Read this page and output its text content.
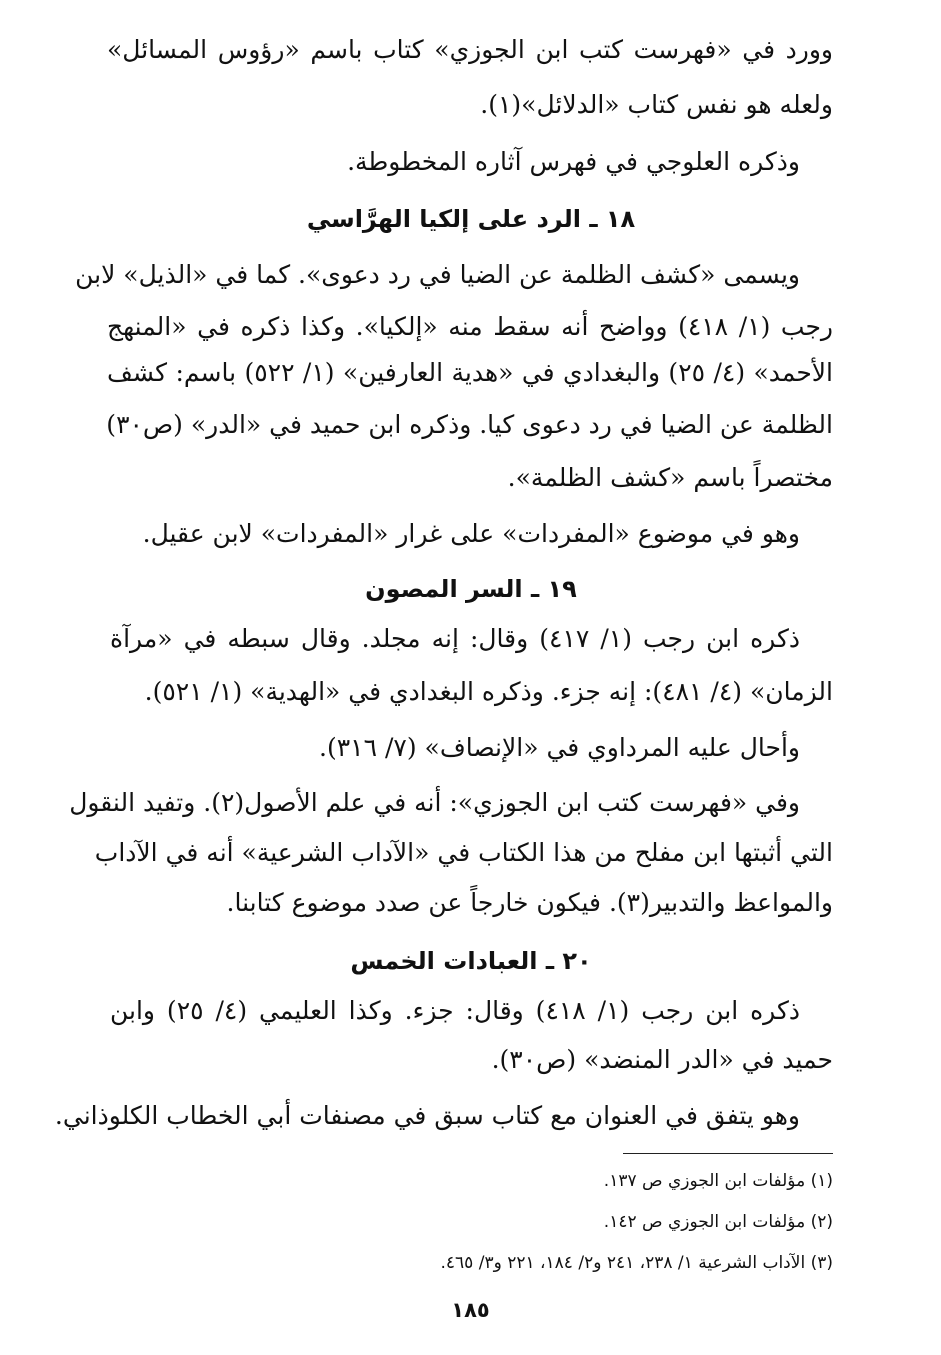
وورد في «فهرست كتب ابن الجوزي» كتاب باسم «رؤوس المسائل»
ولعله هو نفس كتاب «الدلائل»(١).
وذكره العلوجي في فهرس آثاره المخطوطة.
١٨ ـ الرد على إلكيا الهرَّاسي
ويسمى «كشف الظلمة عن الضيا في رد دعوى». كما في «الذيل» لابن
رجب (١/ ٤١٨) وواضح أنه سقط منه «إلكيا». وكذا ذكره في «المنهج
الأحمد» (٤/ ٢٥) والبغدادي في «هدية العارفين» (١/ ٥٢٢) باسم: كشف
الظلمة عن الضيا في رد دعوى كيا. وذكره ابن حميد في «الدر» (ص٣٠)
مختصراً باسم «كشف الظلمة».
وهو في موضوع «المفردات» على غرار «المفردات» لابن عقيل.
١٩ ـ السر المصون
ذكره ابن رجب (١/ ٤١٧) وقال: إنه مجلد. وقال سبطه في «مرآة
الزمان» (٤/ ٤٨١): إنه جزء. وذكره البغدادي في «الهدية» (١/ ٥٢١).
وأحال عليه المرداوي في «الإنصاف» (٧/ ٣١٦).
وفي «فهرست كتب ابن الجوزي»: أنه في علم الأصول(٢). وتفيد النقول
التي أثبتها ابن مفلح من هذا الكتاب في «الآداب الشرعية» أنه في الآداب
والمواعظ والتدبير(٣). فيكون خارجاً عن صدد موضوع كتابنا.
٢٠ ـ العبادات الخمس
ذكره ابن رجب (١/ ٤١٨) وقال: جزء. وكذا العليمي (٤/ ٢٥) وابن
حميد في «الدر المنضد» (ص٣٠).
وهو يتفق في العنوان مع كتاب سبق في مصنفات أبي الخطاب الكلوذاني.
(١) مؤلفات ابن الجوزي ص ١٣٧.
(٢) مؤلفات ابن الجوزي ص ١٤٢.
(٣) الآداب الشرعية ١/ ٢٣٨، ٢٤١ و٢/ ١٨٤، ٢٢١ و٣/ ٤٦٥.
١٨٥
